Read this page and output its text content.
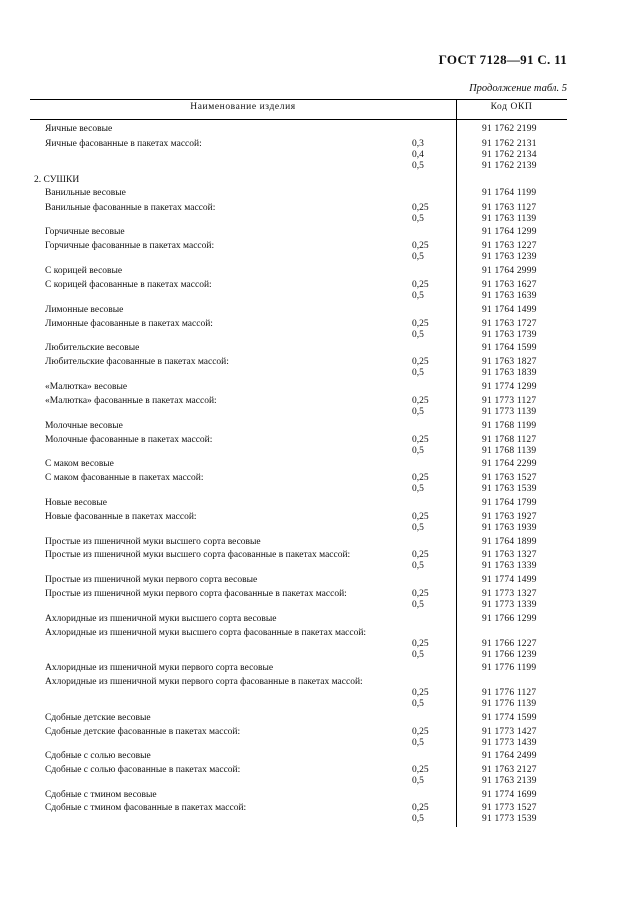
ГОСТ 7128—91 С. 11
Продолжение табл. 5
Наименование изделия	Код ОКП
Яичные весовые	91 1762 2199
Яичные фасованные в пакетах массой:	0,3	91 1762 2131
0,4	91 1762 2134
0,5	91 1762 2139
2. СУШКИ
Ванильные весовые	91 1764 1199
Ванильные фасованные в пакетах массой:	0,25	91 1763 1127
0,5	91 1763 1139
Горчичные весовые	91 1764 1299
Горчичные фасованные в пакетах массой:	0,25	91 1763 1227
0,5	91 1763 1239
С корицей весовые	91 1764 2999
С корицей фасованные в пакетах массой:	0,25	91 1763 1627
0,5	91 1763 1639
Лимонные весовые	91 1764 1499
Лимонные фасованные в пакетах массой:	0,25	91 1763 1727
0,5	91 1763 1739
Любительские весовые	91 1764 1599
Любительские фасованные в пакетах массой:	0,25	91 1763 1827
0,5	91 1763 1839
«Малютка» весовые	91 1774 1299
«Малютка» фасованные в пакетах массой:	0,25	91 1773 1127
0,5	91 1773 1139
Молочные весовые	91 1768 1199
Молочные фасованные в пакетах массой:	0,25	91 1768 1127
0,5	91 1768 1139
С маком весовые	91 1764 2299
С маком фасованные в пакетах массой:	0,25	91 1763 1527
0,5	91 1763 1539
Новые весовые	91 1764 1799
Новые фасованные в пакетах массой:	0,25	91 1763 1927
0,5	91 1763 1939
Простые из пшеничной муки высшего сорта весовые	91 1764 1899
Простые из пшеничной муки высшего сорта фасованные в пакетах массой:	0,25	91 1763 1327
0,5	91 1763 1339
Простые из пшеничной муки первого сорта весовые	91 1774 1499
Простые из пшеничной муки первого сорта фасованные в пакетах массой:	0,25	91 1773 1327
0,5	91 1773 1339
Ахлоридные из пшеничной муки высшего сорта весовые	91 1766 1299
Ахлоридные из пшеничной муки высшего сорта фасованные в пакетах массой:
0,25	91 1766 1227
0,5	91 1766 1239
Ахлоридные из пшеничной муки первого сорта весовые	91 1776 1199
Ахлоридные из пшеничной муки первого сорта фасованные в пакетах массой:
0,25	91 1776 1127
0,5	91 1776 1139
Сдобные детские весовые	91 1774 1599
Сдобные детские фасованные в пакетах массой:	0,25	91 1773 1427
0,5	91 1773 1439
Сдобные с солью весовые	91 1764 2499
Сдобные с солью фасованные в пакетах массой:	0,25	91 1763 2127
0,5	91 1763 2139
Сдобные с тмином весовые	91 1774 1699
Сдобные с тмином фасованные в пакетах массой:	0,25	91 1773 1527
0,5	91 1773 1539
